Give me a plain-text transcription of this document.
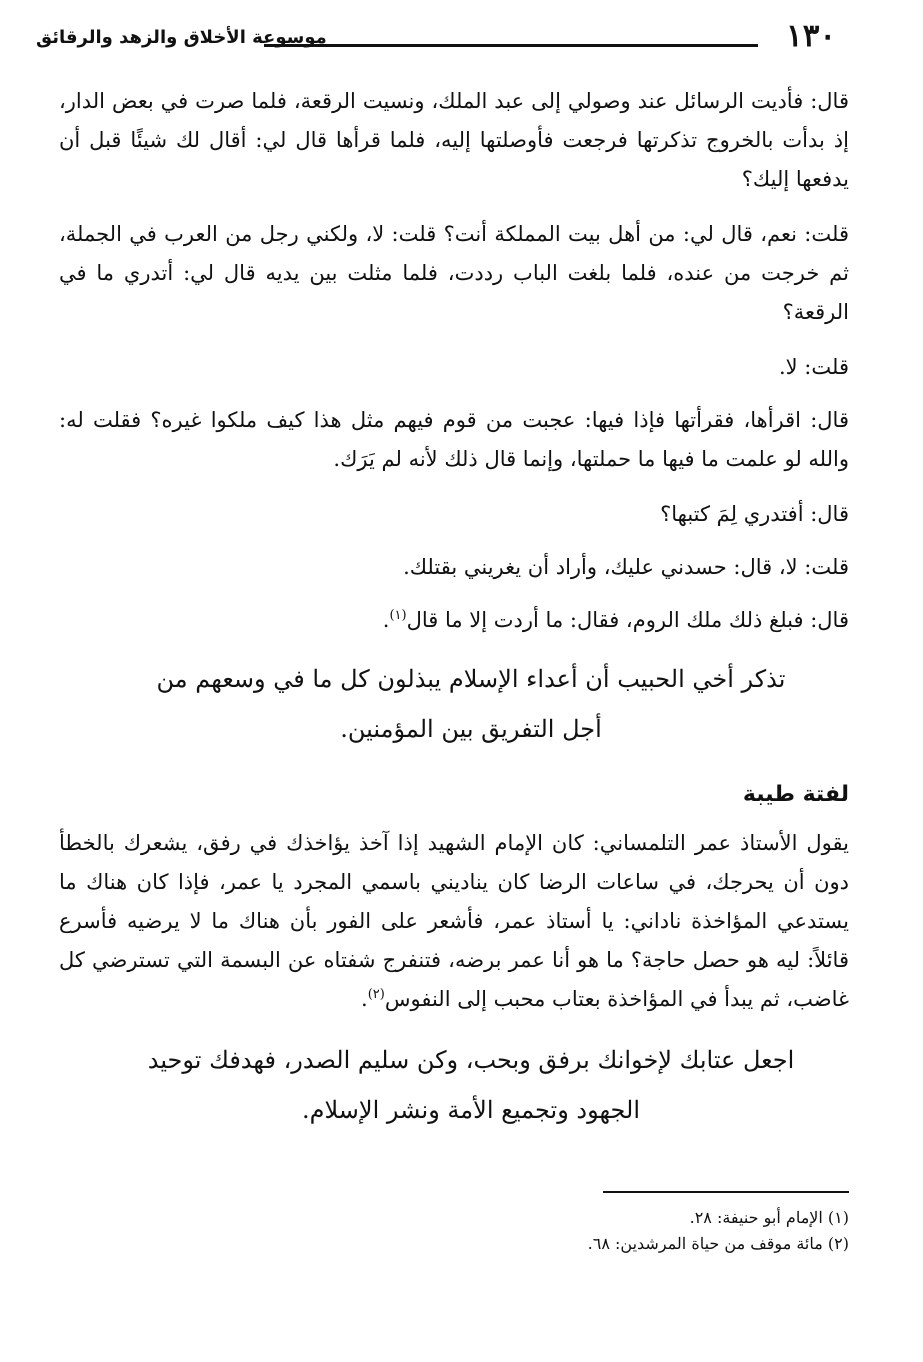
١٣٠
موسوعة الأخلاق والزهد والرقائق

قال: فأديت الرسائل عند وصولي إلى عبد الملك، ونسيت الرقعة، فلما صرت في بعض الدار، إذ بدأت بالخروج تذكرتها فرجعت فأوصلتها إليه، فلما قرأها قال لي: أقال لك شيئًا قبل أن يدفعها إليك؟

قلت: نعم، قال لي: من أهل بيت المملكة أنت؟ قلت: لا، ولكني رجل من العرب في الجملة، ثم خرجت من عنده، فلما بلغت الباب رددت، فلما مثلت بين يديه قال لي: أتدري ما في الرقعة؟

قلت: لا.

قال: اقرأها، فقرأتها فإذا فيها: عجبت من قوم فيهم مثل هذا كيف ملكوا غيره؟ فقلت له: والله لو علمت ما فيها ما حملتها، وإنما قال ذلك لأنه لم يَرَك.

قال: أفتدري لِمَ كتبها؟

قلت: لا، قال: حسدني عليك، وأراد أن يغريني بقتلك.

قال: فبلغ ذلك ملك الروم، فقال: ما أردت إلا ما قال$^{(١)}$.

تذكر أخي الحبيب أن أعداء الإسلام يبذلون كل ما في وسعهم من أجل التفريق بين المؤمنين.

لفتة طيبة

يقول الأستاذ عمر التلمساني: كان الإمام الشهيد إذا آخذ يؤاخذك في رفق، يشعرك بالخطأ دون أن يحرجك، في ساعات الرضا كان يناديني باسمي المجرد يا عمر، فإذا كان هناك ما يستدعي المؤاخذة ناداني: يا أستاذ عمر، فأشعر على الفور بأن هناك ما لا يرضيه فأسرع قائلاً: ليه هو حصل حاجة؟ ما هو أنا عمر برضه، فتنفرج شفتاه عن البسمة التي تسترضي كل غاضب، ثم يبدأ في المؤاخذة بعتاب محبب إلى النفوس$^{(٢)}$.

اجعل عتابك لإخوانك برفق وبحب، وكن سليم الصدر، فهدفك توحيد الجهود وتجميع الأمة ونشر الإسلام.

(١) الإمام أبو حنيفة: ٢٨.

(٢) مائة موقف من حياة المرشدين: ٦٨.
